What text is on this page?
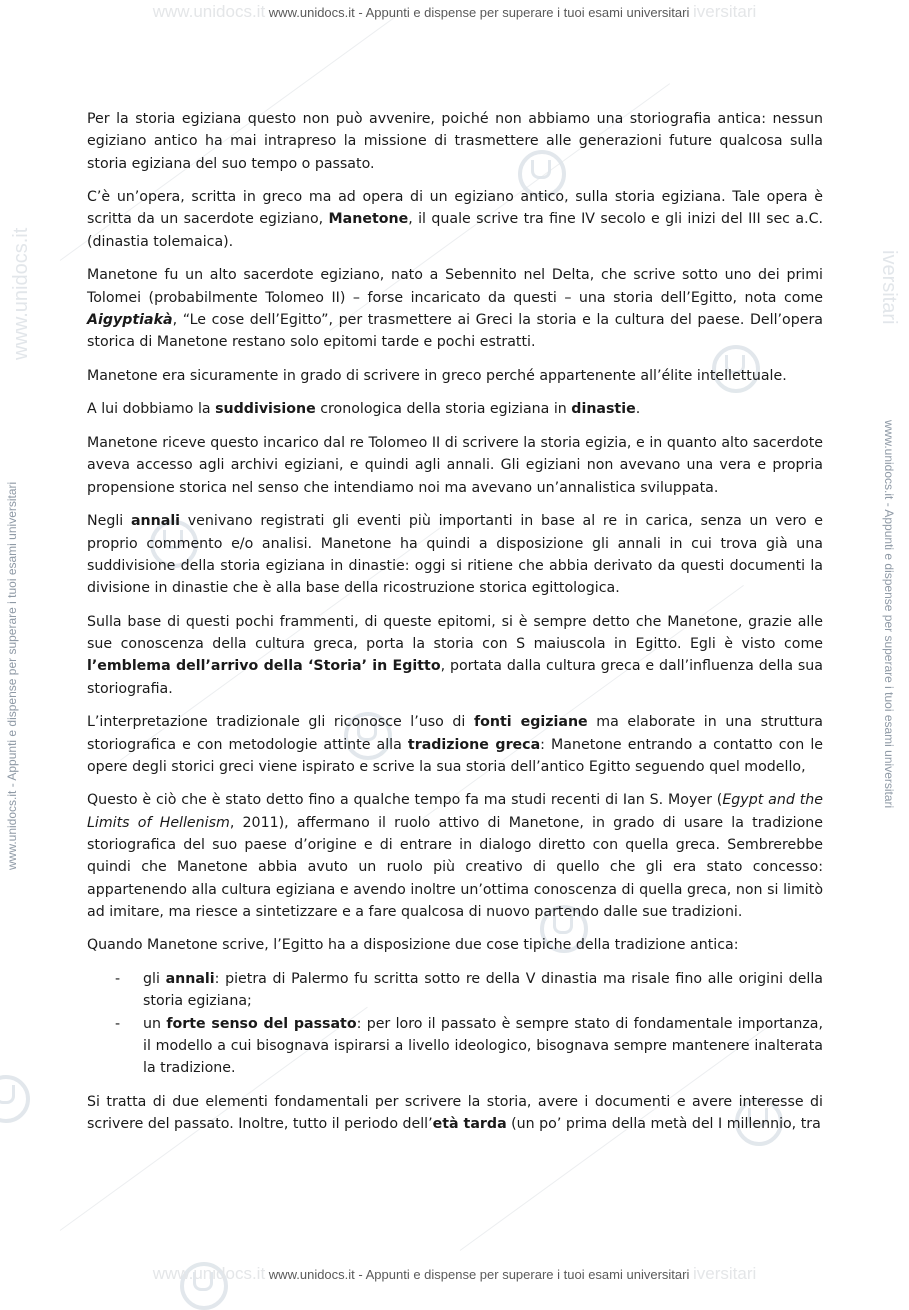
www.unidocs.it www.unidocs.it - Appunti e dispense per superare i tuoi esami universitari iversitari
www.unidocs.it www.unidocs.it - Appunti e dispense per superare i tuoi esami universitari iversitari
www.unidocs.it - Appunti e dispense per superare i tuoi esami universitari
www.unidocs.it
www.unidocs.it - Appunti e dispense per superare i tuoi esami universitari
iversitari

Per la storia egiziana questo non può avvenire, poiché non abbiamo una storiografia antica: nessun egiziano antico ha mai intrapreso la missione di trasmettere alle generazioni future qualcosa sulla storia egiziana del suo tempo o passato.

C’è un’opera, scritta in greco ma ad opera di un egiziano antico, sulla storia egiziana. Tale opera è scritta da un sacerdote egiziano, Manetone, il quale scrive tra fine IV secolo e gli inizi del III sec a.C. (dinastia tolemaica).

Manetone fu un alto sacerdote egiziano, nato a Sebennito nel Delta, che scrive sotto uno dei primi Tolomei (probabilmente Tolomeo II) – forse incaricato da questi – una storia dell’Egitto, nota come Aigyptiakà, “Le cose dell’Egitto”, per trasmettere ai Greci la storia e la cultura del paese. Dell’opera storica di Manetone restano solo epitomi tarde e pochi estratti.

Manetone era sicuramente in grado di scrivere in greco perché appartenente all’élite intellettuale.

A lui dobbiamo la suddivisione cronologica della storia egiziana in dinastie.

Manetone riceve questo incarico dal re Tolomeo II di scrivere la storia egizia, e in quanto alto sacerdote aveva accesso agli archivi egiziani, e quindi agli annali. Gli egiziani non avevano una vera e propria propensione storica nel senso che intendiamo noi ma avevano un’annalistica sviluppata.

Negli annali venivano registrati gli eventi più importanti in base al re in carica, senza un vero e proprio commento e/o analisi. Manetone ha quindi a disposizione gli annali in cui trova già una suddivisione della storia egiziana in dinastie: oggi si ritiene che abbia derivato da questi documenti la divisione in dinastie che è alla base della ricostruzione storica egittologica.

Sulla base di questi pochi frammenti, di queste epitomi, si è sempre detto che Manetone, grazie alle sue conoscenza della cultura greca, porta la storia con S maiuscola in Egitto. Egli è visto come l’emblema dell’arrivo della ‘Storia’ in Egitto, portata dalla cultura greca e dall’influenza della sua storiografia.

L’interpretazione tradizionale gli riconosce l’uso di fonti egiziane ma elaborate in una struttura storiografica e con metodologie attinte alla tradizione greca: Manetone entrando a contatto con le opere degli storici greci viene ispirato e scrive la sua storia dell’antico Egitto seguendo quel modello,

Questo è ciò che è stato detto fino a qualche tempo fa ma studi recenti di Ian S. Moyer (Egypt and the Limits of Hellenism, 2011), affermano il ruolo attivo di Manetone, in grado di usare la tradizione storiografica del suo paese d’origine e di entrare in dialogo diretto con quella greca. Sembrerebbe quindi che Manetone abbia avuto un ruolo più creativo di quello che gli era stato concesso: appartenendo alla cultura egiziana e avendo inoltre un’ottima conoscenza di quella greca, non si limitò ad imitare, ma riesce a sintetizzare e a fare qualcosa di nuovo partendo dalle sue tradizioni.

Quando Manetone scrive, l’Egitto ha a disposizione due cose tipiche della tradizione antica:

- gli annali: pietra di Palermo fu scritta sotto re della V dinastia ma risale fino alle origini della storia egiziana;
- un forte senso del passato: per loro il passato è sempre stato di fondamentale importanza, il modello a cui bisognava ispirarsi a livello ideologico, bisognava sempre mantenere inalterata la tradizione.

Si tratta di due elementi fondamentali per scrivere la storia, avere i documenti e avere interesse di scrivere del passato. Inoltre, tutto il periodo dell’età tarda (un po’ prima della metà del I millennio, tra
